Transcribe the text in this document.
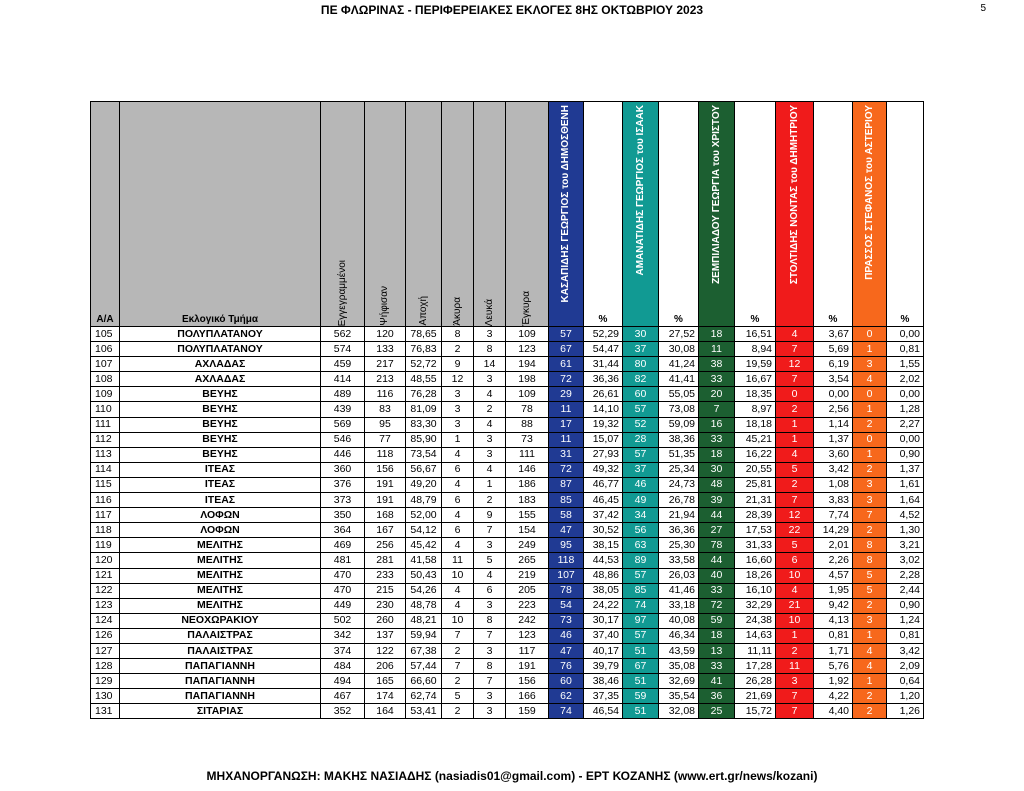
ΠΕ ΦΛΩΡΙΝΑΣ - ΠΕΡΙΦΕΡΕΙΑΚΕΣ ΕΚΛΟΓΕΣ 8ΗΣ ΟΚΤΩΒΡΙΟΥ 2023	5
Α/Α	Εκλογικό Τμήμα	Εγγεγραμμένοι	Ψήφισαν	Αποχή	Άκυρα	Λευκά	Έγκυρα	ΚΑΣΑΠΙΔΗΣ ΓΕΩΡΓΙΟΣ του ΔΗΜΟΣΘΕΝΗ	%	ΑΜΑΝΑΤΙΔΗΣ ΓΕΩΡΓΙΟΣ του ΙΣΑΑΚ	%	ΖΕΜΠΙΛΙΑΔΟΥ ΓΕΩΡΓΙΑ του ΧΡΙΣΤΟΥ	%	ΣΤΟΛΤΙΔΗΣ ΝΟΝΤΑΣ του ΔΗΜΗΤΡΙΟΥ	%	ΠΡΑΣΣΟΣ ΣΤΕΦΑΝΟΣ του ΑΣΤΕΡΙΟΥ	%
105	ΠΟΛΥΠΛΑΤΑΝΟΥ	562	120	78,65	8	3	109	57	52,29	30	27,52	18	16,51	4	3,67	0	0,00
106	ΠΟΛΥΠΛΑΤΑΝΟΥ	574	133	76,83	2	8	123	67	54,47	37	30,08	11	8,94	7	5,69	1	0,81
107	ΑΧΛΑΔΑΣ	459	217	52,72	9	14	194	61	31,44	80	41,24	38	19,59	12	6,19	3	1,55
108	ΑΧΛΑΔΑΣ	414	213	48,55	12	3	198	72	36,36	82	41,41	33	16,67	7	3,54	4	2,02
109	ΒΕΥΗΣ	489	116	76,28	3	4	109	29	26,61	60	55,05	20	18,35	0	0,00	0	0,00
110	ΒΕΥΗΣ	439	83	81,09	3	2	78	11	14,10	57	73,08	7	8,97	2	2,56	1	1,28
111	ΒΕΥΗΣ	569	95	83,30	3	4	88	17	19,32	52	59,09	16	18,18	1	1,14	2	2,27
112	ΒΕΥΗΣ	546	77	85,90	1	3	73	11	15,07	28	38,36	33	45,21	1	1,37	0	0,00
113	ΒΕΥΗΣ	446	118	73,54	4	3	111	31	27,93	57	51,35	18	16,22	4	3,60	1	0,90
114	ΙΤΕΑΣ	360	156	56,67	6	4	146	72	49,32	37	25,34	30	20,55	5	3,42	2	1,37
115	ΙΤΕΑΣ	376	191	49,20	4	1	186	87	46,77	46	24,73	48	25,81	2	1,08	3	1,61
116	ΙΤΕΑΣ	373	191	48,79	6	2	183	85	46,45	49	26,78	39	21,31	7	3,83	3	1,64
117	ΛΟΦΩΝ	350	168	52,00	4	9	155	58	37,42	34	21,94	44	28,39	12	7,74	7	4,52
118	ΛΟΦΩΝ	364	167	54,12	6	7	154	47	30,52	56	36,36	27	17,53	22	14,29	2	1,30
119	ΜΕΛΙΤΗΣ	469	256	45,42	4	3	249	95	38,15	63	25,30	78	31,33	5	2,01	8	3,21
120	ΜΕΛΙΤΗΣ	481	281	41,58	11	5	265	118	44,53	89	33,58	44	16,60	6	2,26	8	3,02
121	ΜΕΛΙΤΗΣ	470	233	50,43	10	4	219	107	48,86	57	26,03	40	18,26	10	4,57	5	2,28
122	ΜΕΛΙΤΗΣ	470	215	54,26	4	6	205	78	38,05	85	41,46	33	16,10	4	1,95	5	2,44
123	ΜΕΛΙΤΗΣ	449	230	48,78	4	3	223	54	24,22	74	33,18	72	32,29	21	9,42	2	0,90
124	ΝΕΟΧΩΡΑΚΙΟΥ	502	260	48,21	10	8	242	73	30,17	97	40,08	59	24,38	10	4,13	3	1,24
126	ΠΑΛΑΙΣΤΡΑΣ	342	137	59,94	7	7	123	46	37,40	57	46,34	18	14,63	1	0,81	1	0,81
127	ΠΑΛΑΙΣΤΡΑΣ	374	122	67,38	2	3	117	47	40,17	51	43,59	13	11,11	2	1,71	4	3,42
128	ΠΑΠΑΓΙΑΝΝΗ	484	206	57,44	7	8	191	76	39,79	67	35,08	33	17,28	11	5,76	4	2,09
129	ΠΑΠΑΓΙΑΝΝΗ	494	165	66,60	2	7	156	60	38,46	51	32,69	41	26,28	3	1,92	1	0,64
130	ΠΑΠΑΓΙΑΝΝΗ	467	174	62,74	5	3	166	62	37,35	59	35,54	36	21,69	7	4,22	2	1,20
131	ΣΙΤΑΡΙΑΣ	352	164	53,41	2	3	159	74	46,54	51	32,08	25	15,72	7	4,40	2	1,26
ΜΗΧΑΝΟΡΓΑΝΩΣΗ: ΜΑΚΗΣ ΝΑΣΙΑΔΗΣ (nasiadis01@gmail.com) - ΕΡΤ ΚΟΖΑΝΗΣ (www.ert.gr/news/kozani)
